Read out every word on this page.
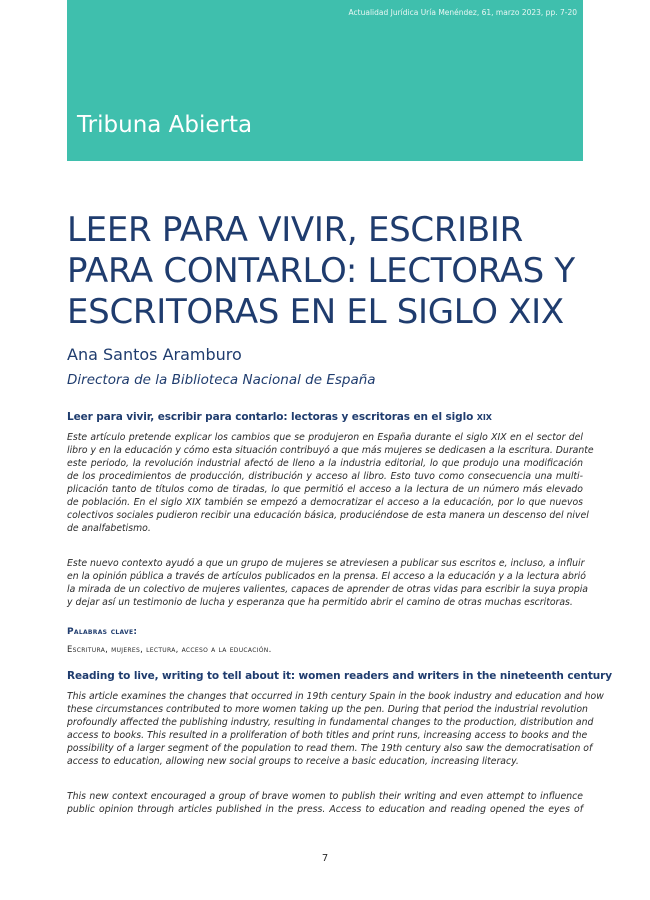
Actualidad Jurídica Uría Menéndez, 61, marzo 2023, pp. 7-20
Tribuna Abierta
LEER PARA VIVIR, ESCRIBIR
PARA CONTARLO: LECTORAS Y
ESCRITORAS EN EL SIGLO XIX
Ana Santos Aramburo
Directora de la Biblioteca Nacional de España
Leer para vivir, escribir para contarlo: lectoras y escritoras en el siglo XIX
Este artículo pretende explicar los cambios que se produjeron en España durante el siglo XIX en el sector del
libro y en la educación y cómo esta situación contribuyó a que más mujeres se dedicasen a la escritura. Durante
este periodo, la revolución industrial afectó de lleno a la industria editorial, lo que produjo una modificación
de los procedimientos de producción, distribución y acceso al libro. Esto tuvo como consecuencia una multi-
plicación tanto de títulos como de tiradas, lo que permitió el acceso a la lectura de un número más elevado
de población. En el siglo XIX también se empezó a democratizar el acceso a la educación, por lo que nuevos
colectivos sociales pudieron recibir una educación básica, produciéndose de esta manera un descenso del nivel
de analfabetismo.
Este nuevo contexto ayudó a que un grupo de mujeres se atreviesen a publicar sus escritos e, incluso, a influir
en la opinión pública a través de artículos publicados en la prensa. El acceso a la educación y a la lectura abrió
la mirada de un colectivo de mujeres valientes, capaces de aprender de otras vidas para escribir la suya propia
y dejar así un testimonio de lucha y esperanza que ha permitido abrir el camino de otras muchas escritoras.
Palabras clave:
Escritura, mujeres, lectura, acceso a la educación.
Reading to live, writing to tell about it: women readers and writers in the nineteenth century
This article examines the changes that occurred in 19th century Spain in the book industry and education and how
these circumstances contributed to more women taking up the pen. During that period the industrial revolution
profoundly affected the publishing industry, resulting in fundamental changes to the production, distribution and
access to books. This resulted in a proliferation of both titles and print runs, increasing access to books and the
possibility of a larger segment of the population to read them. The 19th century also saw the democratisation of
access to education, allowing new social groups to receive a basic education, increasing literacy.
This new context encouraged a group of brave women to publish their writing and even attempt to influence
public opinion through articles published in the press. Access to education and reading opened the eyes of
7
